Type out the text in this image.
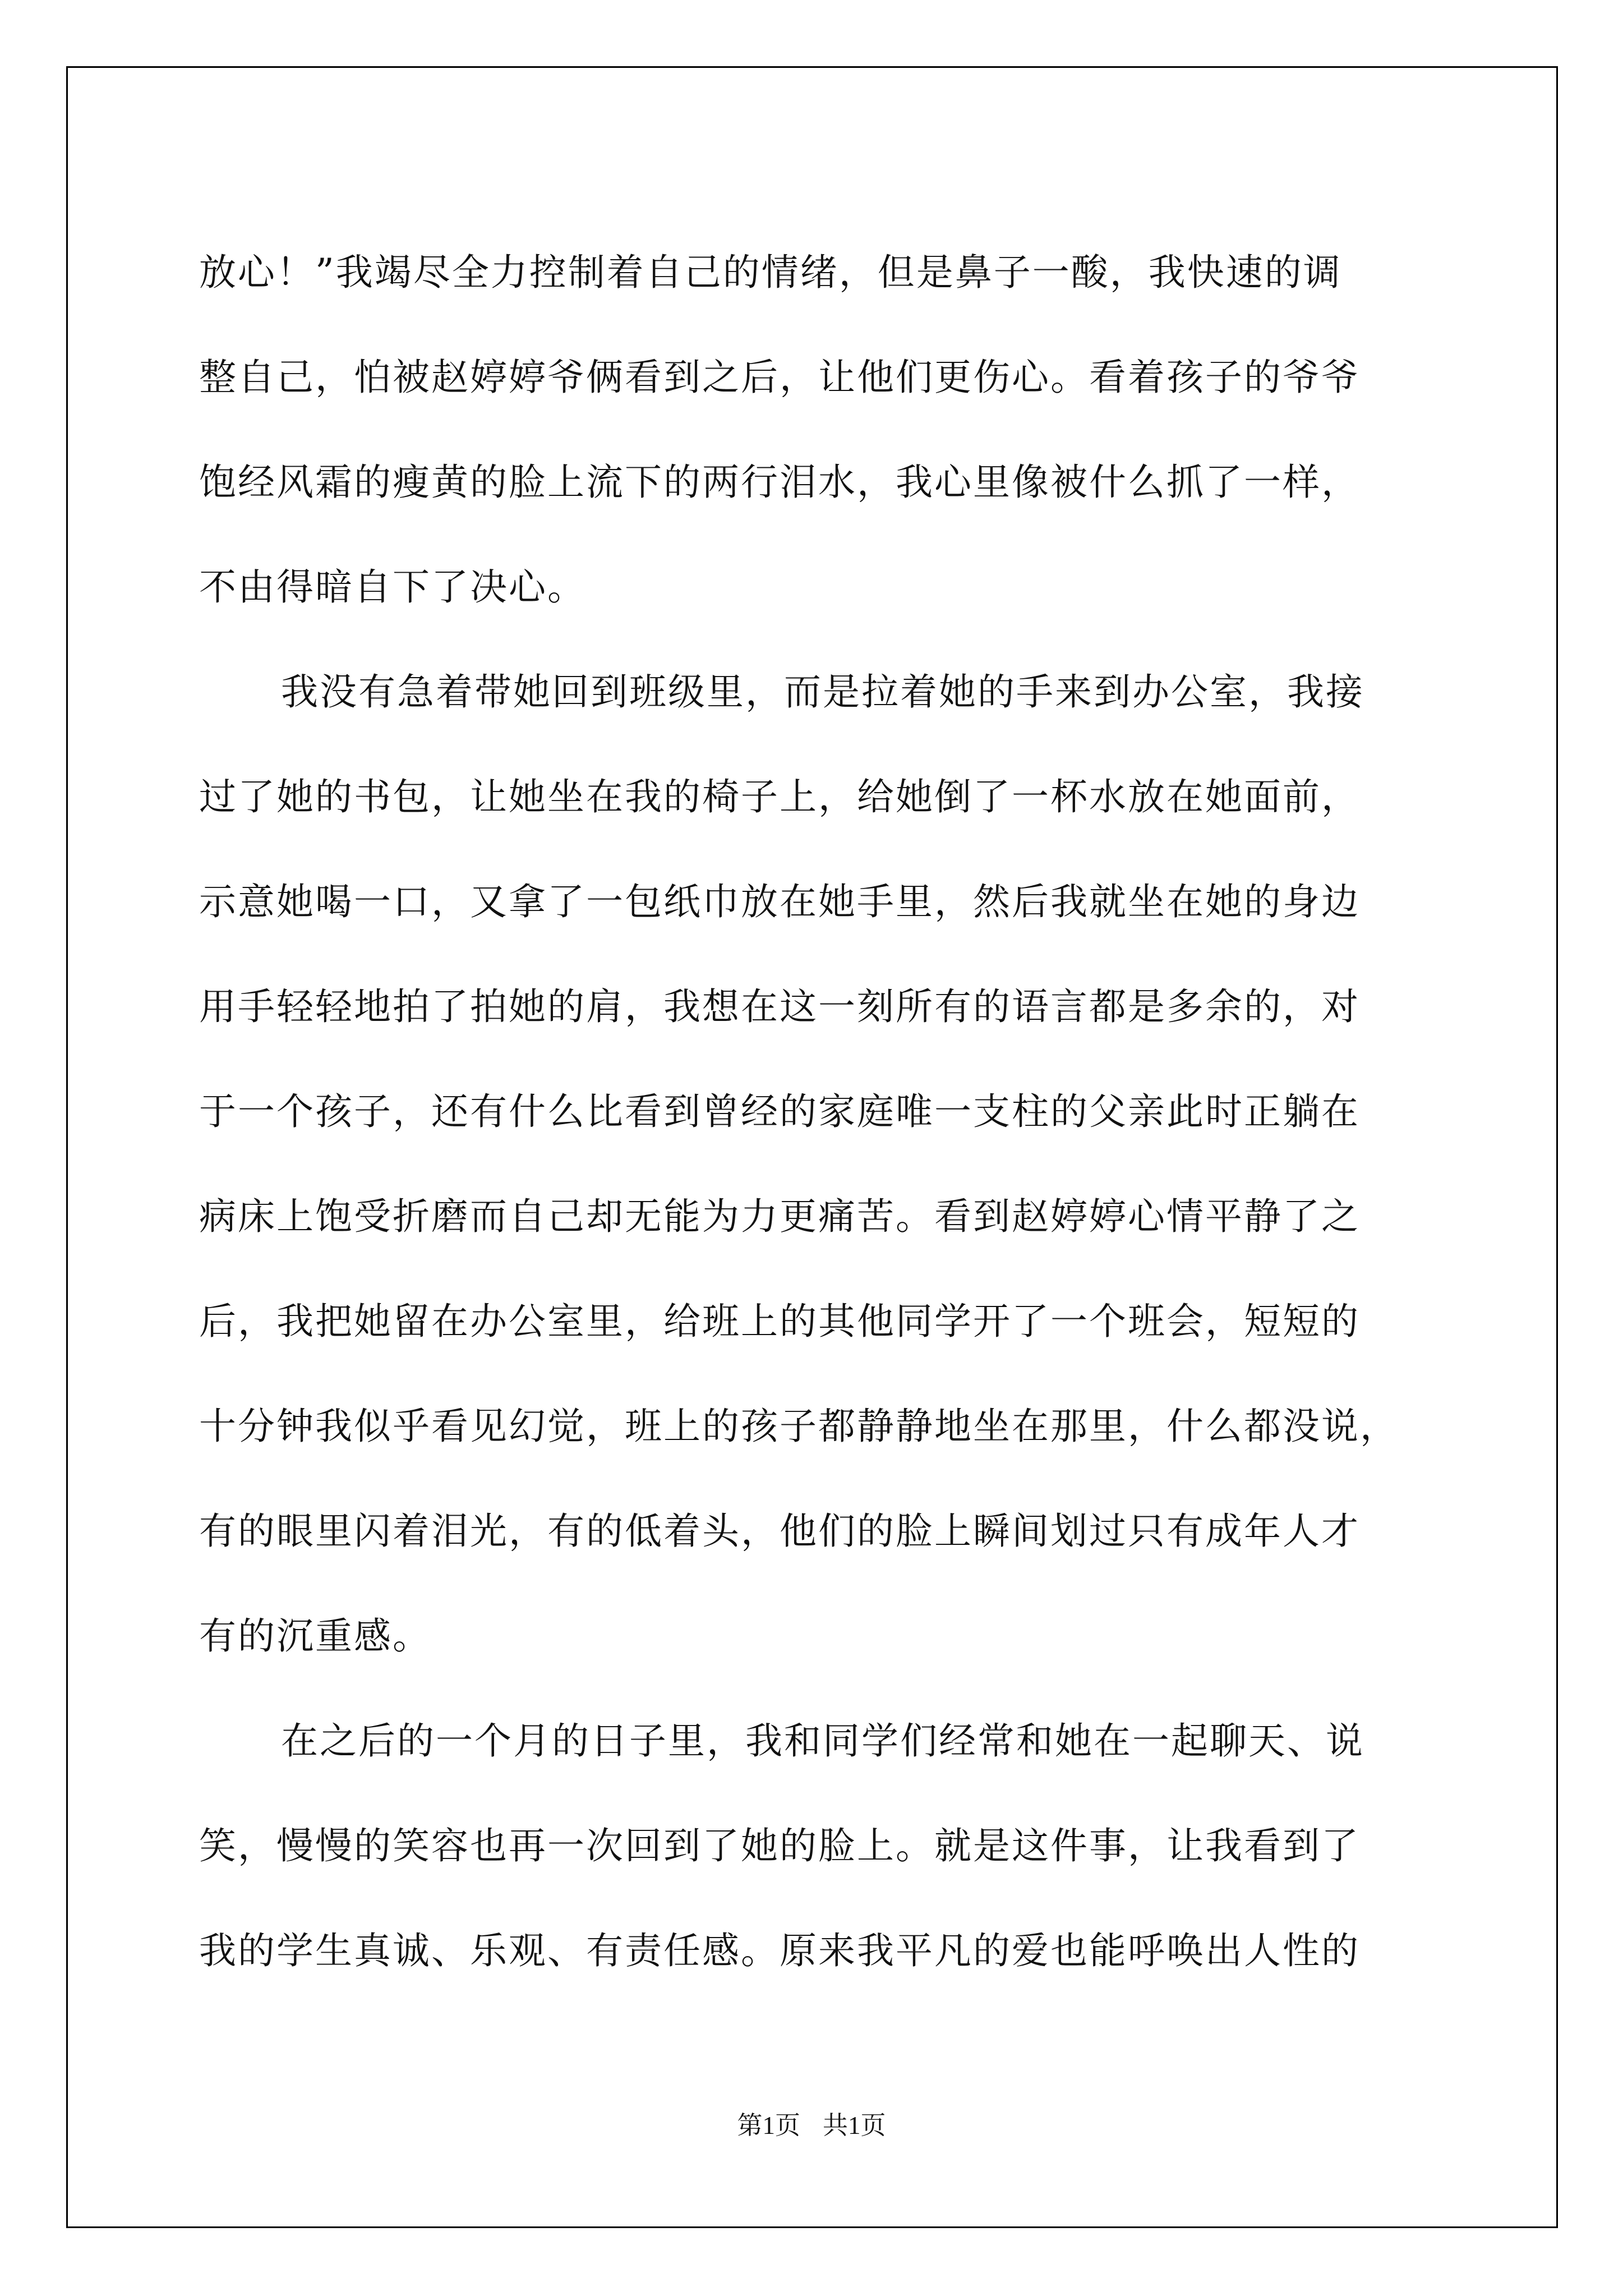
放心！”我竭尽全力控制着自己的情绪，但是鼻子一酸，我快速的调
整自己，怕被赵婷婷爷俩看到之后，让他们更伤心。看着孩子的爷爷
饱经风霜的瘦黄的脸上流下的两行泪水，我心里像被什么抓了一样，
不由得暗自下了决心。
我没有急着带她回到班级里，而是拉着她的手来到办公室，我接
过了她的书包，让她坐在我的椅子上，给她倒了一杯水放在她面前，
示意她喝一口，又拿了一包纸巾放在她手里，然后我就坐在她的身边
用手轻轻地拍了拍她的肩，我想在这一刻所有的语言都是多余的，对
于一个孩子，还有什么比看到曾经的家庭唯一支柱的父亲此时正躺在
病床上饱受折磨而自己却无能为力更痛苦。看到赵婷婷心情平静了之
后，我把她留在办公室里，给班上的其他同学开了一个班会，短短的
十分钟我似乎看见幻觉，班上的孩子都静静地坐在那里，什么都没说，
有的眼里闪着泪光，有的低着头，他们的脸上瞬间划过只有成年人才
有的沉重感。
在之后的一个月的日子里，我和同学们经常和她在一起聊天、说
笑，慢慢的笑容也再一次回到了她的脸上。就是这件事，让我看到了
我的学生真诚、乐观、有责任感。原来我平凡的爱也能呼唤出人性的
第1页 共1页
